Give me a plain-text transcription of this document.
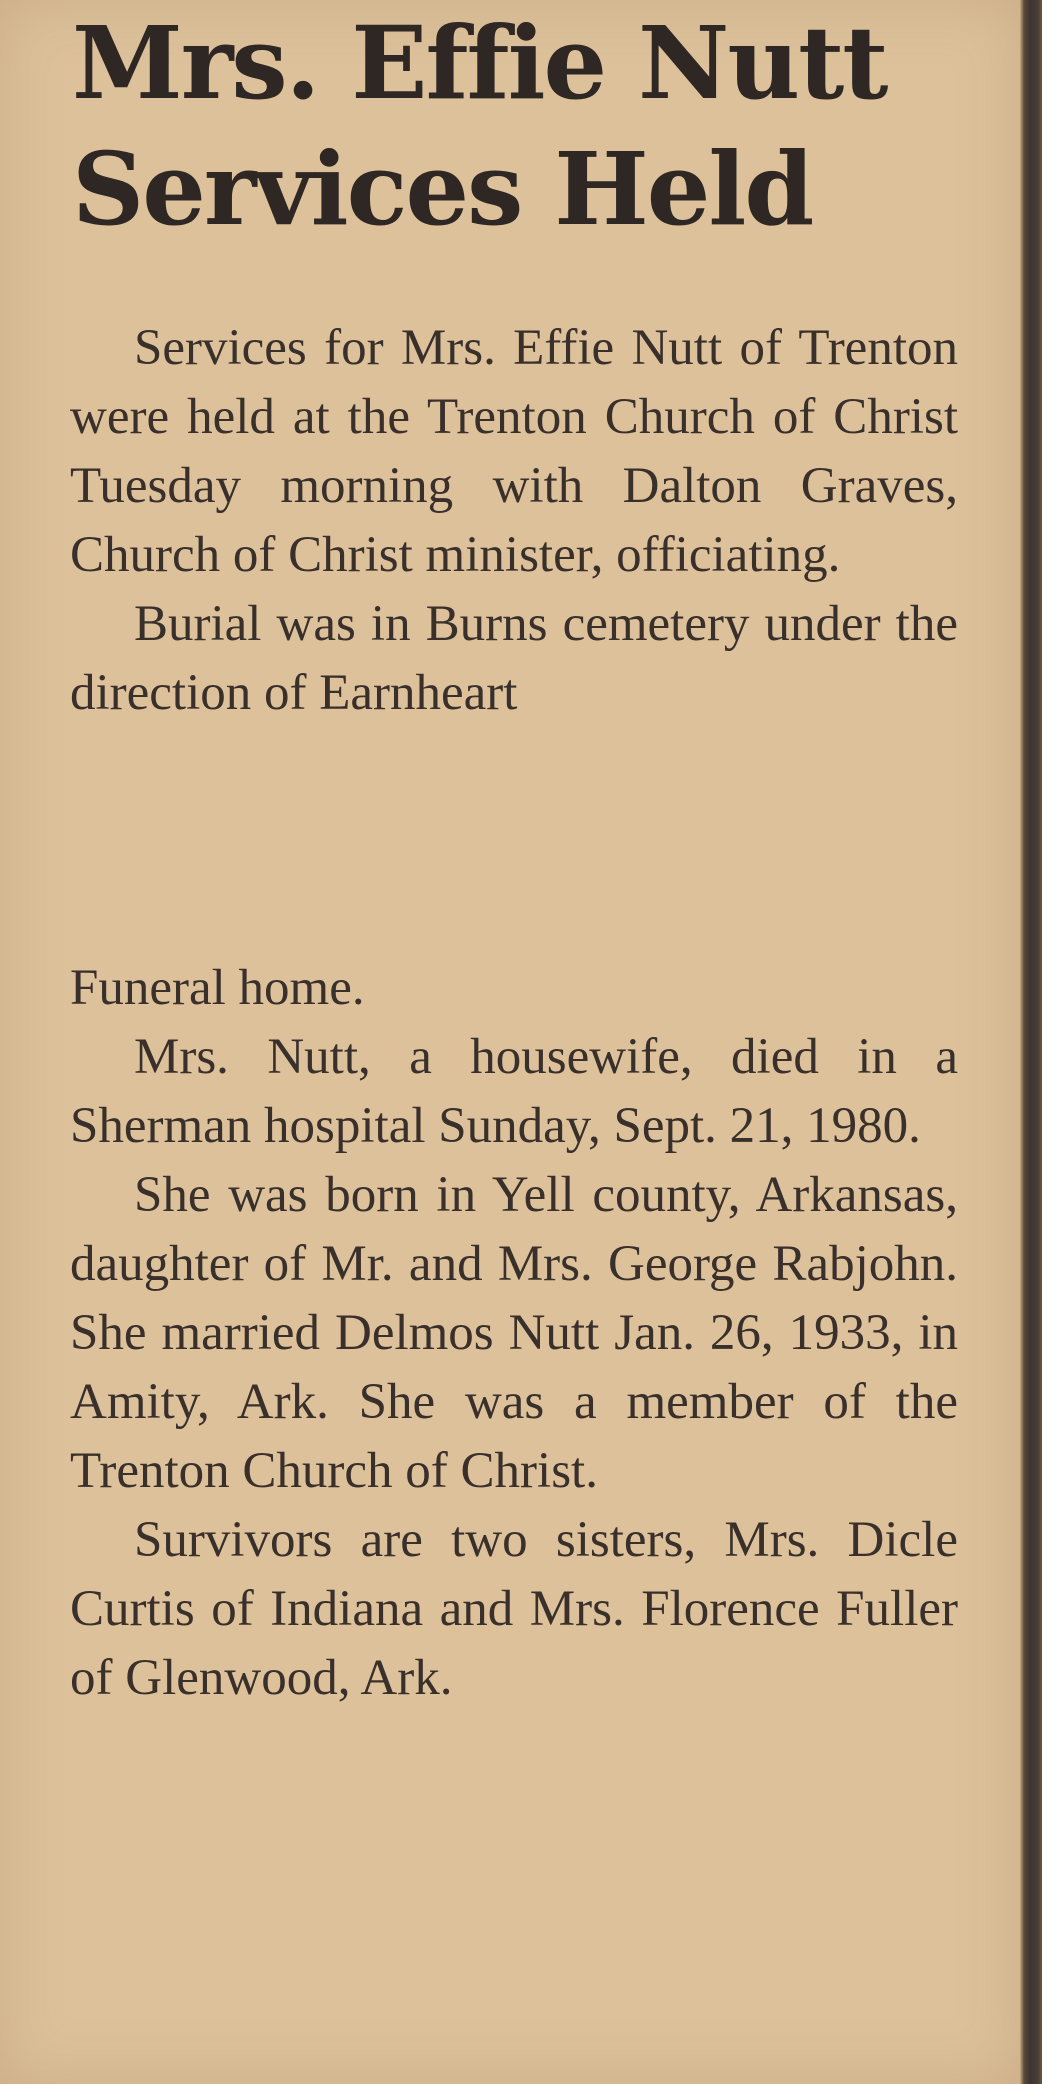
Mrs. Effie Nutt Services Held

Services for Mrs. Effie Nutt of Trenton were held at the Trenton Church of Christ Tuesday morning with Dalton Graves, Church of Christ minister, officiating.

Burial was in Burns cemetery under the direction of Earnheart

Funeral home.

Mrs. Nutt, a housewife, died in a Sherman hospital Sunday, Sept. 21, 1980.

She was born in Yell county, Arkansas, daughter of Mr. and Mrs. George Rabjohn. She married Delmos Nutt Jan. 26, 1933, in Amity, Ark. She was a member of the Trenton Church of Christ.

Survivors are two sisters, Mrs. Dicle Curtis of Indiana and Mrs. Florence Fuller of Glenwood, Ark.
